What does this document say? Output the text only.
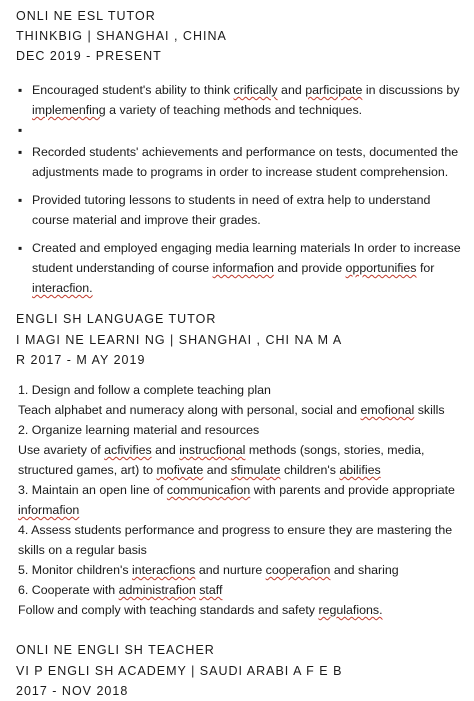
ONLI NE ESL TUTOR
THINKBIG | SHANGHAI , CHINA
DEC 2019 - PRESENT
▪ Encouraged student's ability to think crifically and parficipate in discussions by implemenfing a variety of teaching methods and techniques.
▪
▪ Recorded students' achievements and performance on tests, documented the adjustments made to programs in order to increase student comprehension.
▪ Provided tutoring lessons to students in need of extra help to understand course material and improve their grades.
▪ Created and employed engaging media learning materials In order to increase student understanding of course informafion and provide opportunifies for interacfion.
ENGLI SH LANGUAGE TUTOR
I MAGI NE LEARNI NG | SHANGHAI , CHI NA M A
R 2017 - M AY 2019
1. Design and follow a complete teaching plan
Teach alphabet and numeracy along with personal, social and emofional skills
2. Organize learning material and resources
Use avariety of acfivifies and instrucfional methods (songs, stories, media,
structured games, art) to mofivate and sfimulate children's abilifies
3. Maintain an open line of communicafion with parents and provide appropriate
informafion
4. Assess students performance and progress to ensure they are mastering the
skills on a regular basis
5. Monitor children's interacfions and nurture cooperafion and sharing
6. Cooperate with administrafion staff
Follow and comply with teaching standards and safety regulafions.
ONLI NE ENGLI SH TEACHER
VI P ENGLI SH ACADEMY | SAUDI ARABI A F E B
2017 - NOV 2018
